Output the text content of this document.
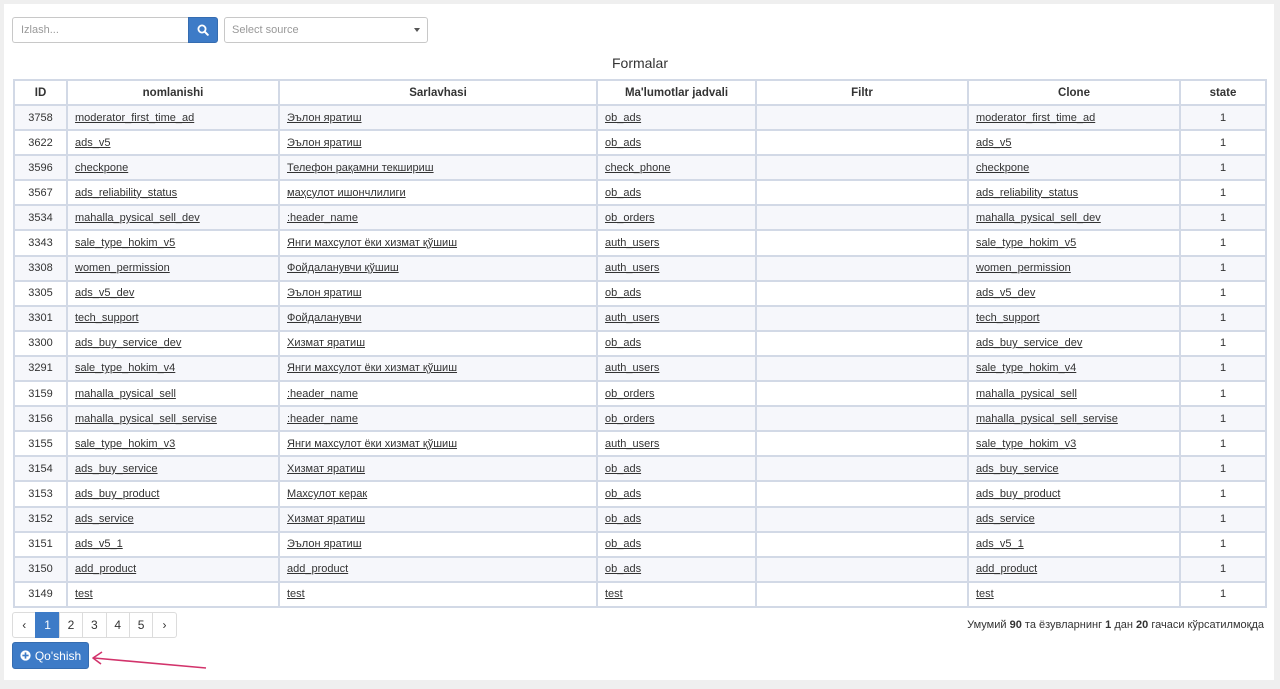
Izlash...
Select source
Formalar
ID	nomlanishi	Sarlavhasi	Ma'lumotlar jadvali	Filtr	Clone	state
3758	moderator_first_time_ad	Эълон яратиш	ob_ads		moderator_first_time_ad	1
3622	ads_v5	Эълон яратиш	ob_ads		ads_v5	1
3596	checkpone	Телефон рақамни текшириш	check_phone		checkpone	1
3567	ads_reliability_status	маҳсулот ишончлилиги	ob_ads		ads_reliability_status	1
3534	mahalla_pysical_sell_dev	:header_name	ob_orders		mahalla_pysical_sell_dev	1
3343	sale_type_hokim_v5	Янги махсулот ёки хизмат қўшиш	auth_users		sale_type_hokim_v5	1
3308	women_permission	Фойдаланувчи қўшиш	auth_users		women_permission	1
3305	ads_v5_dev	Эълон яратиш	ob_ads		ads_v5_dev	1
3301	tech_support	Фойдаланувчи	auth_users		tech_support	1
3300	ads_buy_service_dev	Хизмат яратиш	ob_ads		ads_buy_service_dev	1
3291	sale_type_hokim_v4	Янги махсулот ёки хизмат қўшиш	auth_users		sale_type_hokim_v4	1
3159	mahalla_pysical_sell	:header_name	ob_orders		mahalla_pysical_sell	1
3156	mahalla_pysical_sell_servise	:header_name	ob_orders		mahalla_pysical_sell_servise	1
3155	sale_type_hokim_v3	Янги махсулот ёки хизмат қўшиш	auth_users		sale_type_hokim_v3	1
3154	ads_buy_service	Хизмат яратиш	ob_ads		ads_buy_service	1
3153	ads_buy_product	Махсулот керак	ob_ads		ads_buy_product	1
3152	ads_service	Хизмат яратиш	ob_ads		ads_service	1
3151	ads_v5_1	Эълон яратиш	ob_ads		ads_v5_1	1
3150	add_product	add_product	ob_ads		add_product	1
3149	test	test	test		test	1
‹	1	2	3	4	5	›	Умумий 90 та ёзувларнинг 1 дан 20 гачаси кўрсатилмоқда
Qo'shish
